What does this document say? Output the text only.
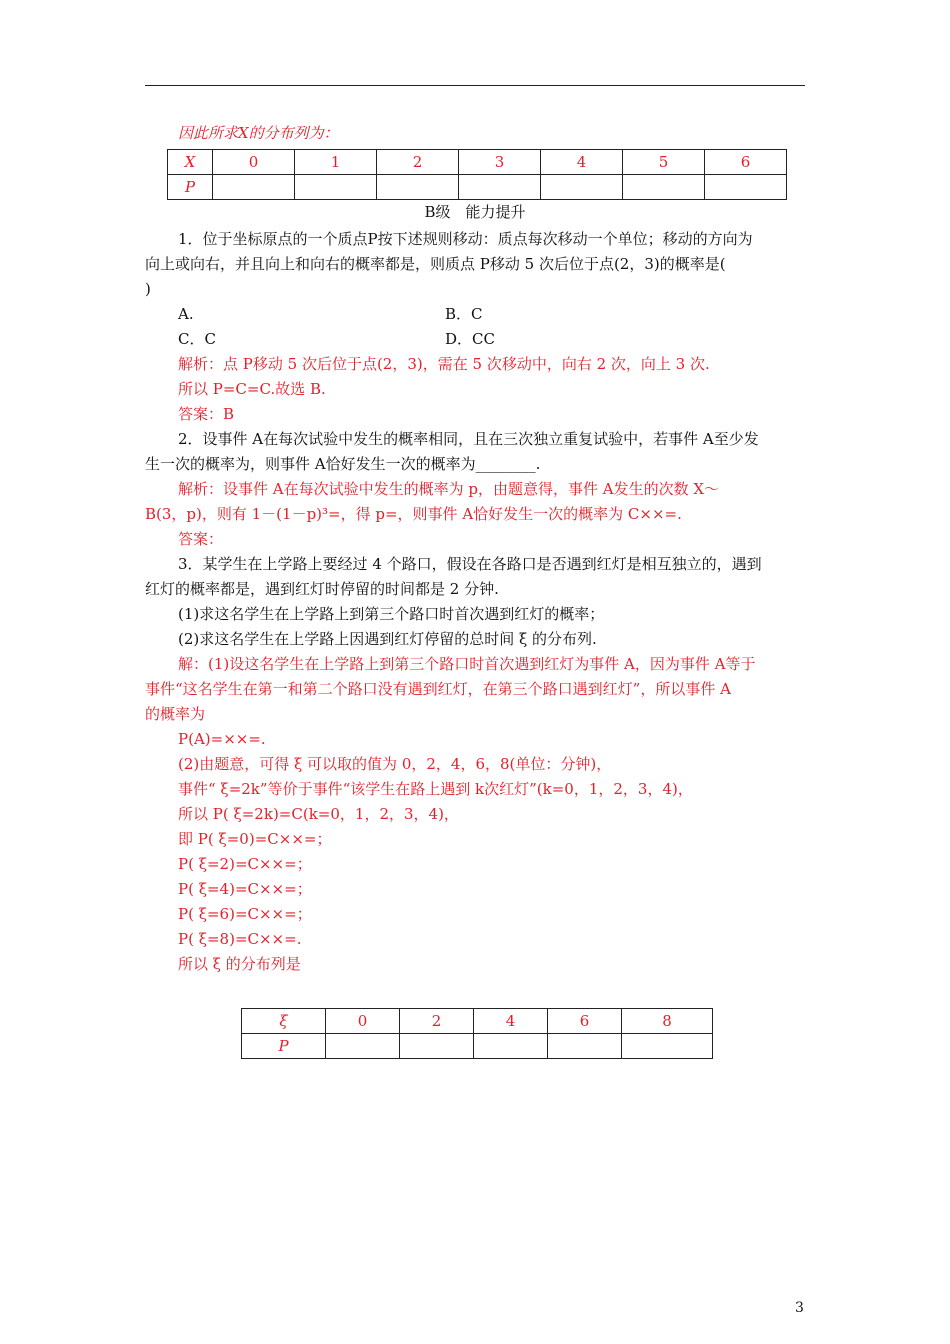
因此所求X的分布列为：
X	0	1	2	3	4	5	6
P							
B级　能力提升
1．位于坐标原点的一个质点P按下述规则移动：质点每次移动一个单位；移动的方向为
向上或向右，并且向上和向右的概率都是，则质点 P移动 5 次后位于点(2，3)的概率是(
)
A.	B．C
C．C	D．CC
解析：点 P移动 5 次后位于点(2，3)，需在 5 次移动中，向右 2 次，向上 3 次.
所以 P=C=C.故选 B.
答案：B
2．设事件 A在每次试验中发生的概率相同，且在三次独立重复试验中，若事件 A至少发
生一次的概率为，则事件 A恰好发生一次的概率为________.
解析：设事件 A在每次试验中发生的概率为 p，由题意得，事件 A发生的次数 X～
B(3，p)，则有 1－(1－p)³=，得 p=，则事件 A恰好发生一次的概率为 C××=.
答案：
3．某学生在上学路上要经过 4 个路口，假设在各路口是否遇到红灯是相互独立的，遇到
红灯的概率都是，遇到红灯时停留的时间都是 2 分钟.
(1)求这名学生在上学路上到第三个路口时首次遇到红灯的概率；
(2)求这名学生在上学路上因遇到红灯停留的总时间 ξ 的分布列.
解：(1)设这名学生在上学路上到第三个路口时首次遇到红灯为事件 A，因为事件 A等于
事件“这名学生在第一和第二个路口没有遇到红灯，在第三个路口遇到红灯”，所以事件 A
的概率为
P(A)=××=.
(2)由题意，可得 ξ 可以取的值为 0，2，4，6，8(单位：分钟)，
事件“ ξ=2k”等价于事件“该学生在路上遇到 k次红灯”(k=0，1，2，3，4)，
所以 P( ξ=2k)=C(k=0，1，2，3，4)，
即 P( ξ=0)=C××=；
P( ξ=2)=C××=；
P( ξ=4)=C××=；
P( ξ=6)=C××=；
P( ξ=8)=C××=.
所以 ξ 的分布列是
ξ	0	2	4	6	8
P					
3
